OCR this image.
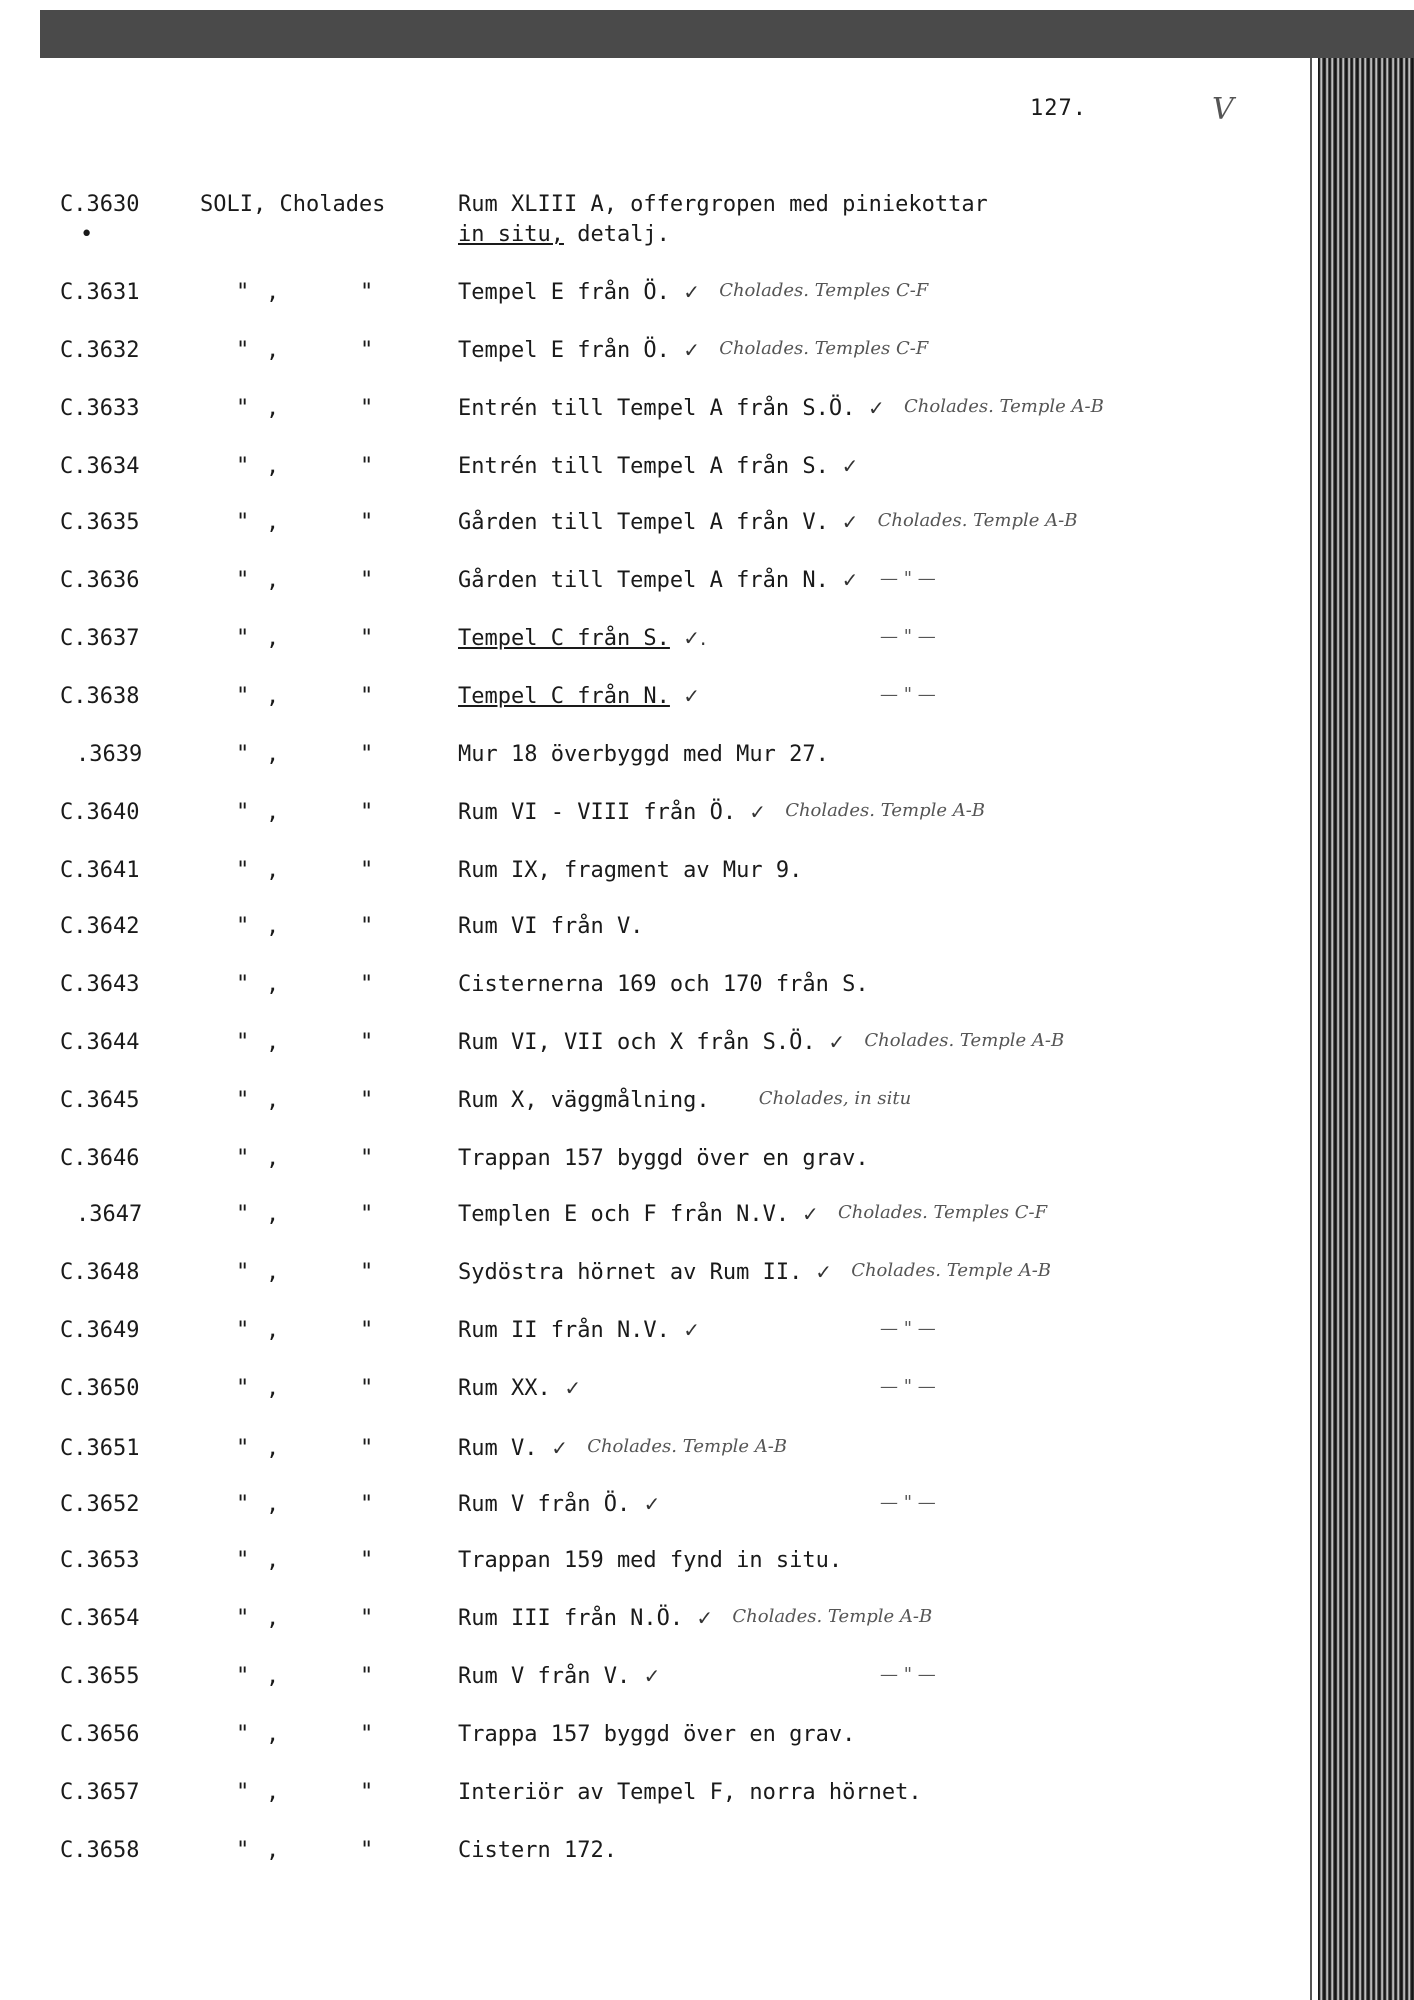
127.	V
C.3630	SOLI, Cholades	Rum XLIII A, offergropen med piniekottar
in situ, detalj.
•
C.3631	" ,	"	Tempel E från Ö. ✓ Cholades. Temples C-F
C.3632	" ,	"	Tempel E från Ö. ✓ Cholades. Temples C-F
C.3633	" ,	"	Entrén till Tempel A från S.Ö. ✓ Cholades. Temple A-B
C.3634	" ,	"	Entrén till Tempel A från S. ✓
C.3635	" ,	"	Gården till Tempel A från V. ✓ Cholades. Temple A-B
C.3636	" ,	"	Gården till Tempel A från N. ✓ — " —
C.3637	" ,	"	Tempel C från S. ✓.	— " —
C.3638	" ,	"	Tempel C från N. ✓	— " —
.3639	" ,	"	Mur 18 överbyggd med Mur 27.
C.3640	" ,	"	Rum VI - VIII från Ö. ✓ Cholades. Temple A-B
C.3641	" ,	"	Rum IX, fragment av Mur 9.
C.3642	" ,	"	Rum VI från V.
C.3643	" ,	"	Cisternerna 169 och 170 från S.
C.3644	" ,	"	Rum VI, VII och X från S.Ö. ✓ Cholades. Temple A-B
C.3645	" ,	"	Rum X, väggmålning.	Cholades, in situ
C.3646	" ,	"	Trappan 157 byggd över en grav.
.3647	" ,	"	Templen E och F från N.V. ✓ Cholades. Temples C-F
C.3648	" ,	"	Sydöstra hörnet av Rum II. ✓ Cholades. Temple A-B
C.3649	" ,	"	Rum II från N.V. ✓	— " —
C.3650	" ,	"	Rum XX. ✓	— " —
C.3651	" ,	"	Rum V. ✓ Cholades. Temple A-B
C.3652	" ,	"	Rum V från Ö. ✓	— " —
C.3653	" ,	"	Trappan 159 med fynd in situ.
C.3654	" ,	"	Rum III från N.Ö. ✓ Cholades. Temple A-B
C.3655	" ,	"	Rum V från V. ✓	— " —
C.3656	" ,	"	Trappa 157 byggd över en grav.
C.3657	" ,	"	Interiör av Tempel F, norra hörnet.
C.3658	" ,	"	Cistern 172.
